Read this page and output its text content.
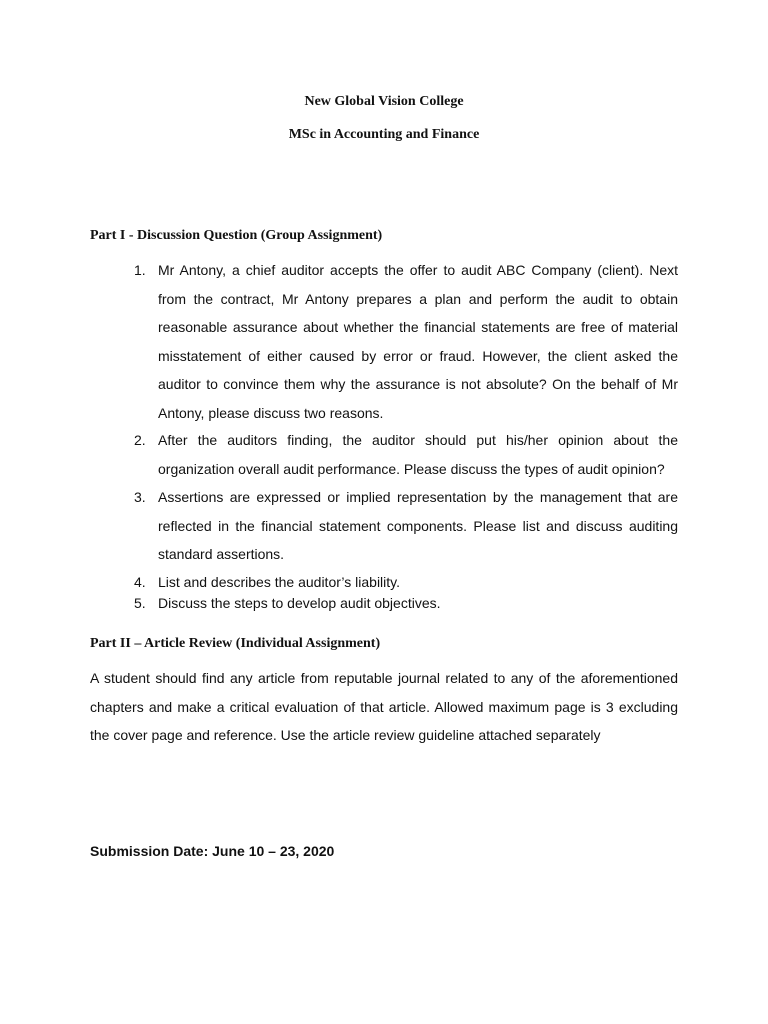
New Global Vision College
MSc in Accounting and Finance
Part I - Discussion Question (Group Assignment)
1. Mr Antony, a chief auditor accepts the offer to audit ABC Company (client). Next from the contract, Mr Antony prepares a plan and perform the audit to obtain reasonable assurance about whether the financial statements are free of material misstatement of either caused by error or fraud. However, the client asked the auditor to convince them why the assurance is not absolute? On the behalf of Mr Antony, please discuss two reasons.
2. After the auditors finding, the auditor should put his/her opinion about the organization overall audit performance. Please discuss the types of audit opinion?
3. Assertions are expressed or implied representation by the management that are reflected in the financial statement components. Please list and discuss auditing standard assertions.
4. List and describes the auditor’s liability.
5. Discuss the steps to develop audit objectives.
Part II – Article Review (Individual Assignment)
A student should find any article from reputable journal related to any of the aforementioned chapters and make a critical evaluation of that article. Allowed maximum page is 3 excluding the cover page and reference. Use the article review guideline attached separately
Submission Date: June 10 – 23, 2020
